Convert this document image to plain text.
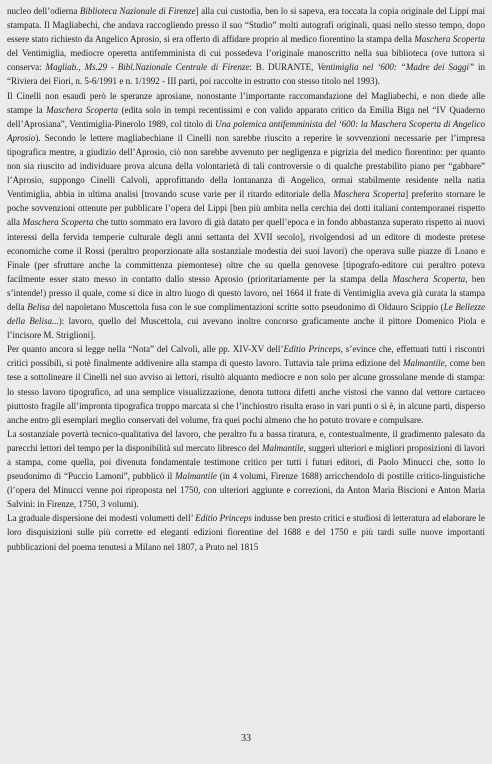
nucleo dell’odierna Biblioteca Nazionale di Firenze] alla cui custodia, ben lo si sapeva, era toccata la copia originale del Lippi mai stampata. Il Magliabechi, che andava raccogliendo presso il suo “Studio” molti autografi originali, quasi nello stesso tempo, dopo essere stato richiesto da Angelico Aprosio, si era offerto di affidare proprio al medico fiorentino la stampa della Maschera Scoperta del Ventimiglia, mediocre operetta antifemminista di cui possedeva l’originale manoscritto nella sua biblioteca (ove tuttora si conserva: Magliab., Ms.29 - Bibl.Nazionale Centrale di Firenze: B. DURANTE, Ventimiglia nel ‘600: “Madre dei Saggi” in “Riviera dei Fiori, n. 5-6/1991 e n. 1/1992 - III parti, poi raccolte in estratto con stesso titolo nel 1993).

Il Cinelli non esaudì però le speranze aprosiane, nonostante l’importante raccomandazione del Magliabechi, e non diede alle stampe la Maschera Scoperta (edita solo in tempi recentissimi e con valido apparato critico da Emilia Biga nel “IV Quaderno dell’Aprosiana”, Ventimiglia-Pinerolo 1989, col titolo di Una polemica antifemminista del ‘600: la Maschera Scoperta di Angelico Aprosio). Secondo le lettere magliabechiane il Cinelli non sarebbe riuscito a reperire le sovvenzioni necessarie per l’impresa tipografica mentre, a giudizio dell’Aprosio, ciò non sarebbe avvenuto per negligenza e pigrizia del medico fiorentino: per quanto non sia riuscito ad individuare prova alcuna della volontarietà di tali controversie o di qualche prestabilito piano per “gabbare” l’Aprosio, suppongo Cinelli Calvoli, approfittando della lontananza di Angelico, ormai stabilmente residente nella natia Ventimiglia, abbia in ultima analisi [trovando scuse varie per il ritardo editoriale della Maschera Scoperta] preferito stornare le poche sovvenzioni ottenute per pubblicare l’opera del Lippi [ben più ambita nella cerchia dei dotti italiani contemporanei rispetto alla Maschera Scoperta che tutto sommato era lavoro di già datato per quell’epoca e in fondo abbastanza superato rispetto ai nuovi interessi della fervida temperie culturale degli anni settanta del XVII secolo], rivolgendosi ad un editore di modeste pretese economiche come il Rossi (peraltro proporzionate alla sostanziale modestia dei suoi lavori) che operava sulle piazze di Loano e Finale (per sfruttare anche la committenza piemontese) oltre che su quella genovese [tipografo-editore cui peraltro poteva facilmente esser stato messo in contatto dallo stesso Aprosio (prioritariamente per la stampa della Maschera Scoperta, ben s’intende!) presso il quale, come si dice in altro luogo di questo lavoro, nel 1664 il frate di Ventimiglia aveva già curata la stampa della Belisa del napoletano Muscettola fusa con le sue complimentazioni scritte sotto pseudonimo di Oldauro Scippio (Le Bellezze della Belisa...): lavoro, quello del Muscettola, cui avevano inoltre concorso graficamente anche il pittore Domenico Piola e l’incisore M. Striglioni].

Per quanto ancora si legge nella “Nota” del Calvoli, alle pp. XIV-XV dell’Editio Princeps, s’evince che, effettuati tutti i riscontri critici possibili, si potè finalmente addivenire alla stampa di questo lavoro. Tuttavia tale prima edizione del Malmantile, come ben tese a sottolineare il Cinelli nel suo avviso ai lettori, risultò alquanto mediocre e non solo per alcune grossolane mende di stampa: lo stesso lavoro tipografico, ad una semplice visualizzazione, denota tuttora difetti anche vistosi che vanno dal vettore cartaceo piuttosto fragile all’impronta tipografica troppo marcata sì che l’inchiostro risulta eraso in vari punti o sì è, in alcune parti, disperso anche entro gli esemplari meglio conservati del volume, fra quei pochi almeno che ho potuto trovare e compulsare.

La sostanziale povertà tecnico-qualitativa del lavoro, che peraltro fu a bassa tiratura, e, contestualmente, il gradimento palesato da parecchi lettori del tempo per la disponibilità sul mercato librescо del Malmantile, suggerì ulteriori e migliori proposizioni di lavori a stampa, come quella, poi divenuta fondamentale testimone critico per tutti i futuri editori, di Paolo Minucci che, sotto lo pseudonimo di “Puccio Lamoni”, pubblicò il Malmantile (in 4 volumi, Firenze 1688) arricchendolo di postille critico-linguistiche (l’opera del Minucci venne poi riproposta nel 1750, con ulteriori aggiunte e correzioni, da Anton Maria Biscioni e Anton Maria Salvini: in Firenze, 1750, 3 volumi).

La graduale dispersione dei modesti volumetti dell’ Editio Princeps indusse ben presto critici e studiosi di letteratura ad elaborare le loro disquisizioni sulle più corrette ed eleganti edizioni fiorentine del 1688 e del 1750 e più tardi sulle nuove importanti pubblicazioni del poema tenutesi a Milano nel 1807, a Prato nel 1815

33
